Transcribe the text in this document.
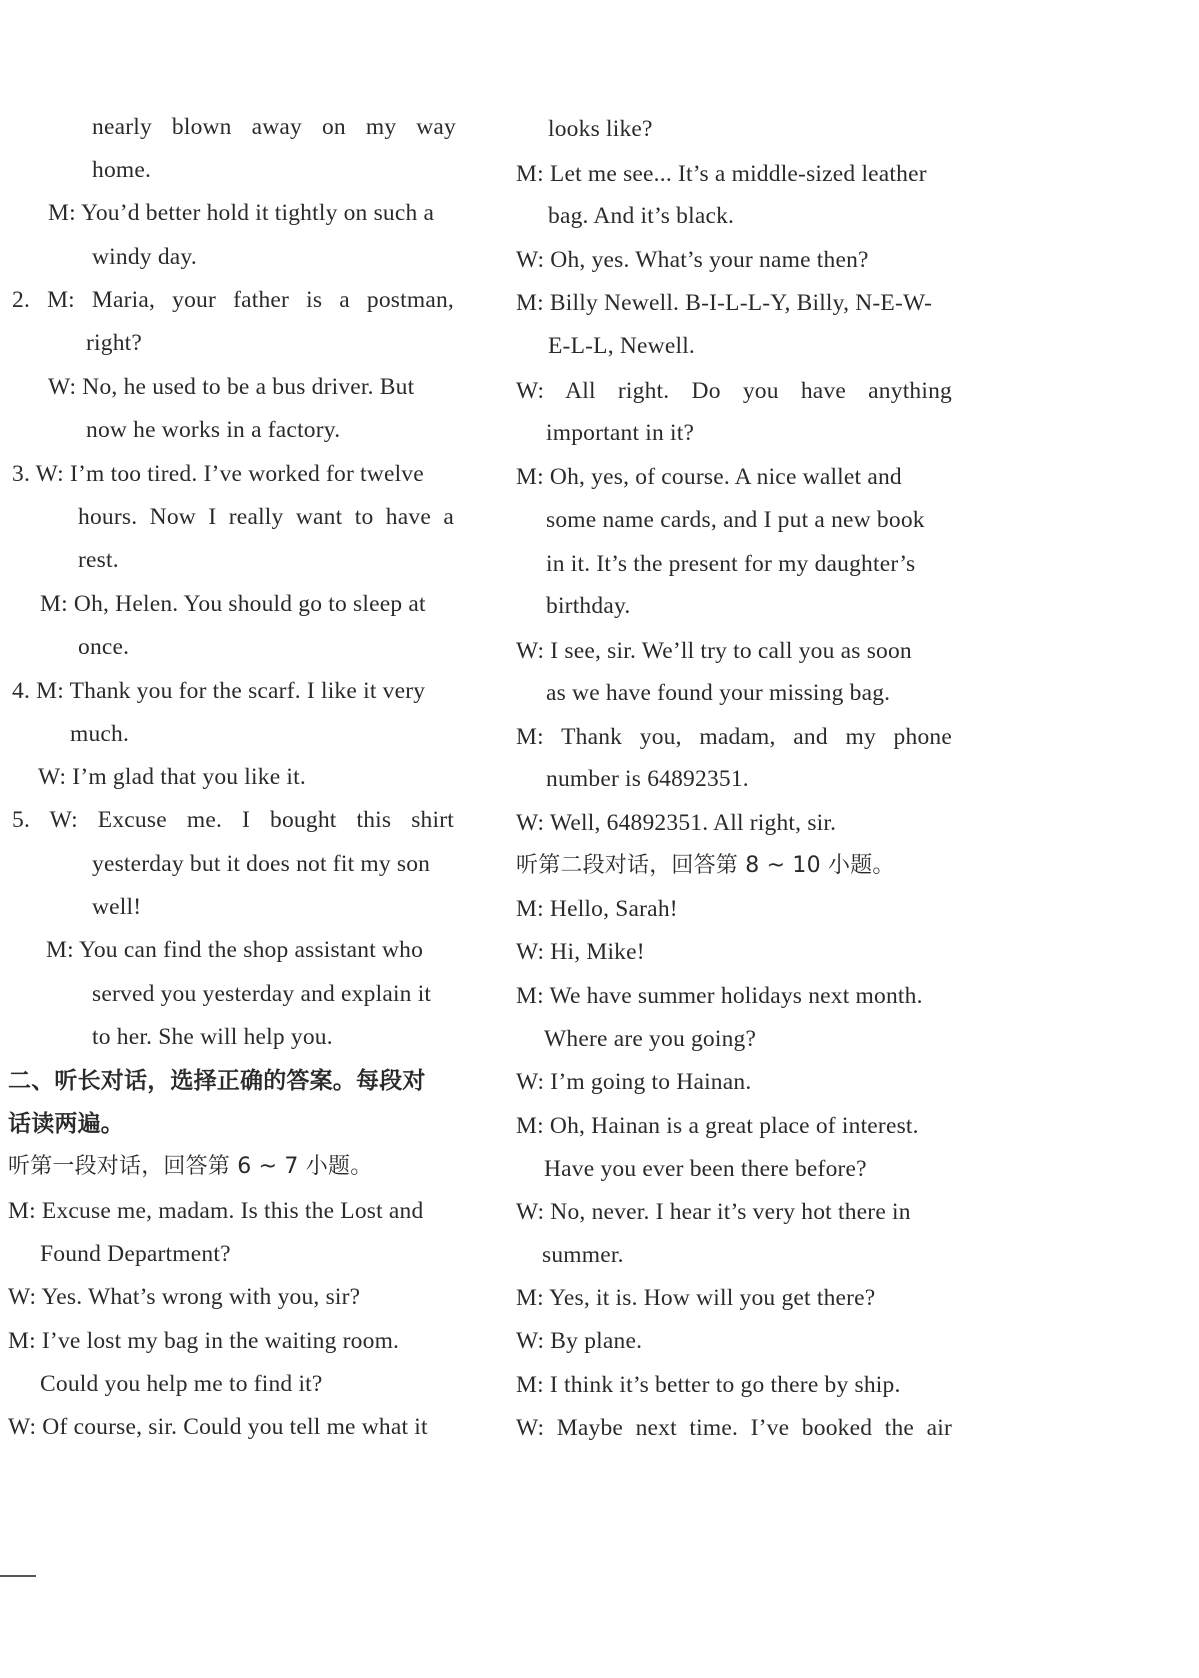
nearly blown away on my way
home.
M: You’d better hold it tightly on such a
windy day.
2. M: Maria, your father is a postman,
right?
W: No, he used to be a bus driver. But
now he works in a factory.
3. W: I’m too tired. I’ve worked for twelve
hours. Now I really want to have a
rest.
M: Oh, Helen. You should go to sleep at
once.
4. M: Thank you for the scarf. I like it very
much.
W: I’m glad that you like it.
5. W: Excuse me. I bought this shirt
yesterday but it does not fit my son
well!
M: You can find the shop assistant who
served you yesterday and explain it
to her. She will help you.
二、听长对话，选择正确的答案。每段对
话读两遍。
听第一段对话，回答第 6 ~ 7 小题。
M: Excuse me, madam. Is this the Lost and
Found Department?
W: Yes. What’s wrong with you, sir?
M: I’ve lost my bag in the waiting room.
Could you help me to find it?
W: Of course, sir. Could you tell me what it
looks like?
M: Let me see... It’s a middle-sized leather
bag. And it’s black.
W: Oh, yes. What’s your name then?
M: Billy Newell. B-I-L-L-Y, Billy, N-E-W-
E-L-L, Newell.
W: All right. Do you have anything
important in it?
M: Oh, yes, of course. A nice wallet and
some name cards, and I put a new book
in it. It’s the present for my daughter’s
birthday.
W: I see, sir. We’ll try to call you as soon
as we have found your missing bag.
M: Thank you, madam, and my phone
number is 64892351.
W: Well, 64892351. All right, sir.
听第二段对话，回答第 8 ~ 10 小题。
M: Hello, Sarah!
W: Hi, Mike!
M: We have summer holidays next month.
Where are you going?
W: I’m going to Hainan.
M: Oh, Hainan is a great place of interest.
Have you ever been there before?
W: No, never. I hear it’s very hot there in
summer.
M: Yes, it is. How will you get there?
W: By plane.
M: I think it’s better to go there by ship.
W: Maybe next time. I’ve booked the air
